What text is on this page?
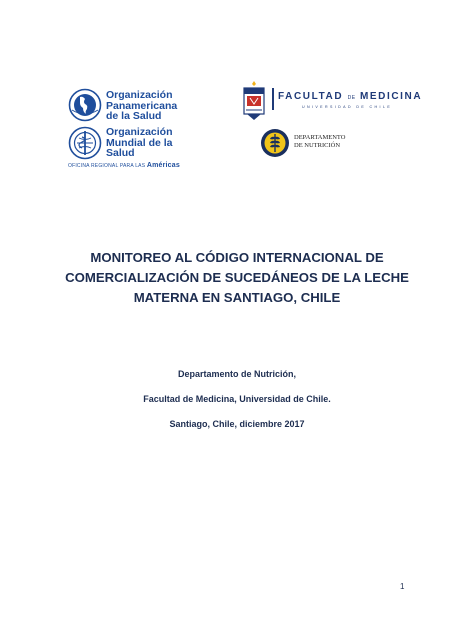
Organización
Panamericana
de la Salud
Organización
Mundial de la Salud
OFICINA REGIONAL PARA LAS Américas
FACULTAD DE MEDICINA
UNIVERSIDAD DE CHILE
DEPARTAMENTO
DE NUTRICIÓN
MONITOREO AL CÓDIGO INTERNACIONAL DE
COMERCIALIZACIÓN DE SUCEDÁNEOS DE LA LECHE
MATERNA EN SANTIAGO, CHILE
Departamento de Nutrición,
Facultad de Medicina, Universidad de Chile.
Santiago, Chile, diciembre 2017
1
